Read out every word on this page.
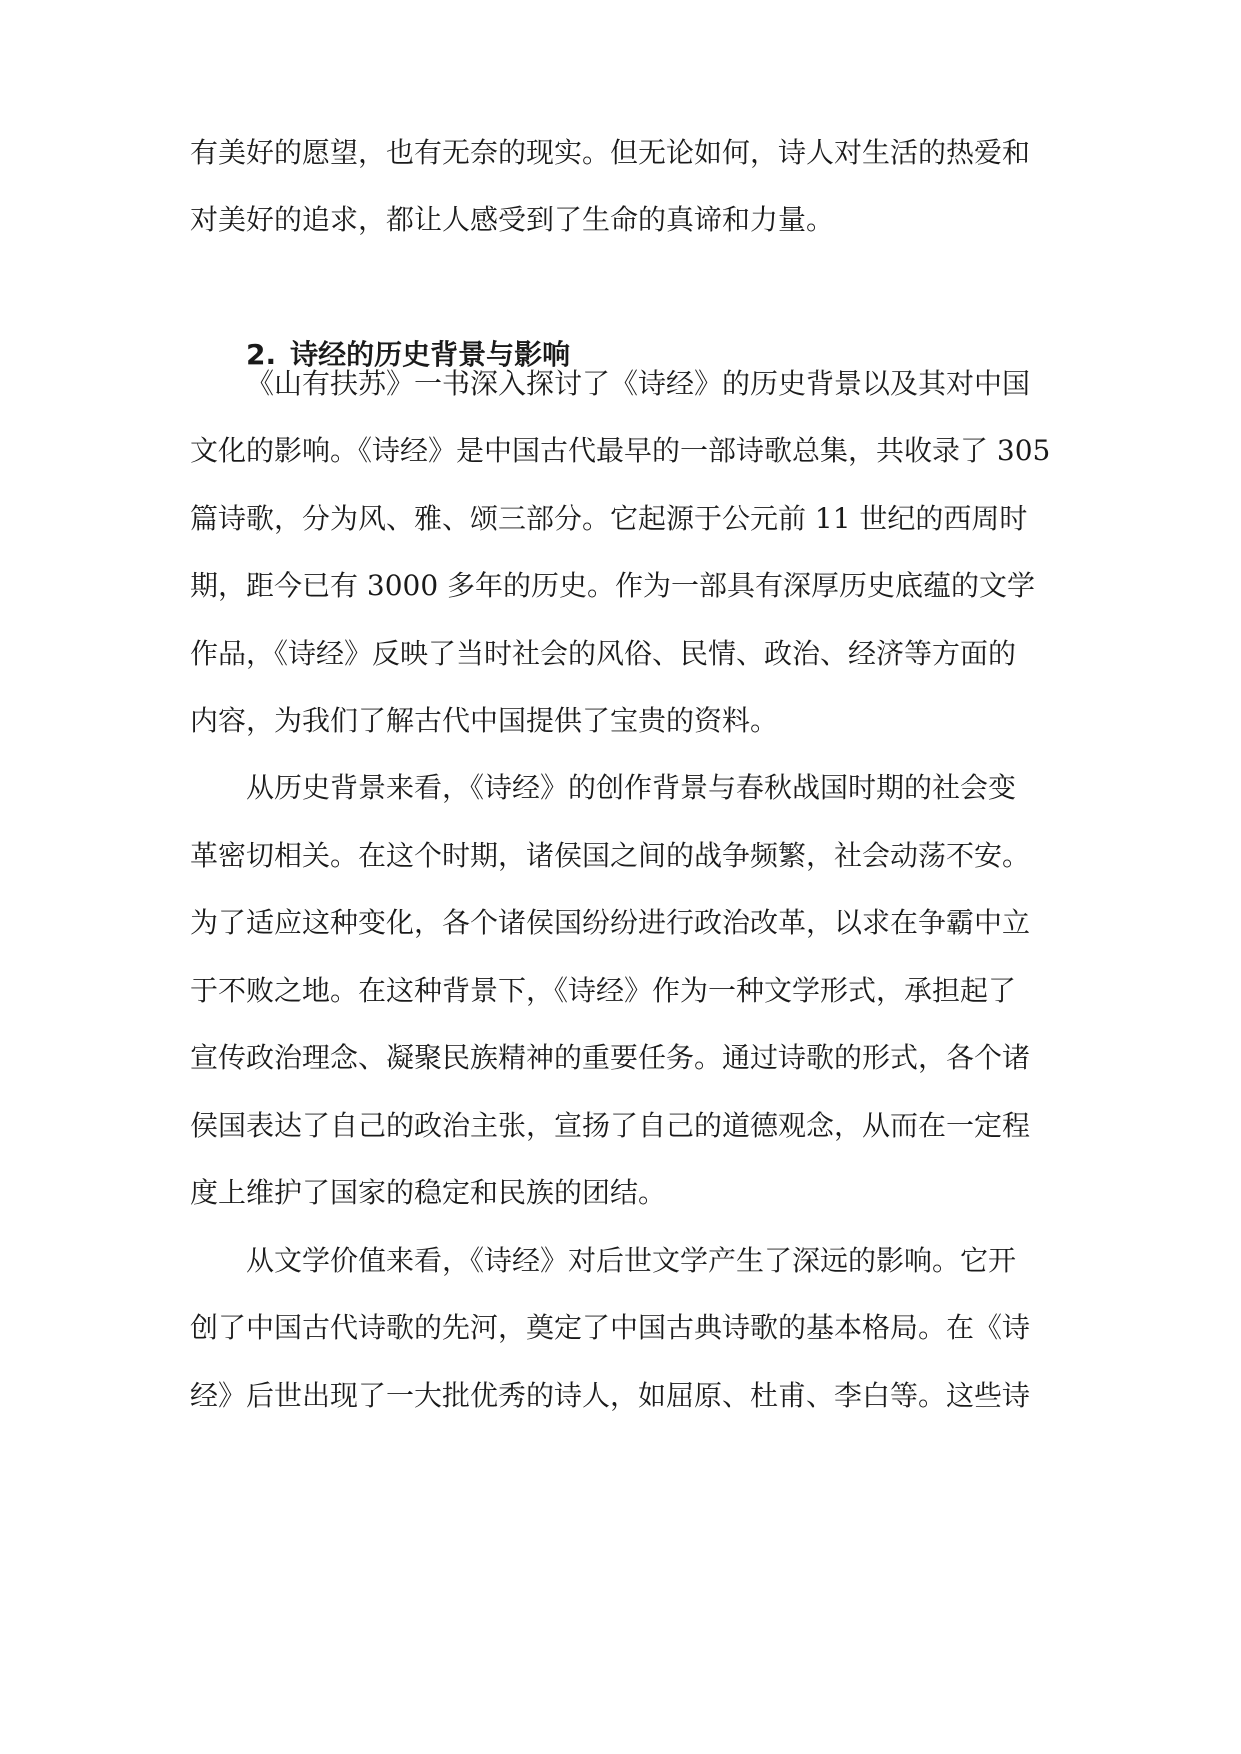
有美好的愿望，也有无奈的现实。但无论如何，诗人对生活的热爱和
对美好的追求，都让人感受到了生命的真谛和力量。
2. 诗经的历史背景与影响
《山有扶苏》一书深入探讨了《诗经》的历史背景以及其对中国
文化的影响。《诗经》是中国古代最早的一部诗歌总集，共收录了 305
篇诗歌，分为风、雅、颂三部分。它起源于公元前 11 世纪的西周时
期，距今已有 3000 多年的历史。作为一部具有深厚历史底蕴的文学
作品，《诗经》反映了当时社会的风俗、民情、政治、经济等方面的
内容，为我们了解古代中国提供了宝贵的资料。
从历史背景来看，《诗经》的创作背景与春秋战国时期的社会变
革密切相关。在这个时期，诸侯国之间的战争频繁，社会动荡不安。
为了适应这种变化，各个诸侯国纷纷进行政治改革，以求在争霸中立
于不败之地。在这种背景下，《诗经》作为一种文学形式，承担起了
宣传政治理念、凝聚民族精神的重要任务。通过诗歌的形式，各个诸
侯国表达了自己的政治主张，宣扬了自己的道德观念，从而在一定程
度上维护了国家的稳定和民族的团结。
从文学价值来看，《诗经》对后世文学产生了深远的影响。它开
创了中国古代诗歌的先河，奠定了中国古典诗歌的基本格局。在《诗
经》后世出现了一大批优秀的诗人，如屈原、杜甫、李白等。这些诗
